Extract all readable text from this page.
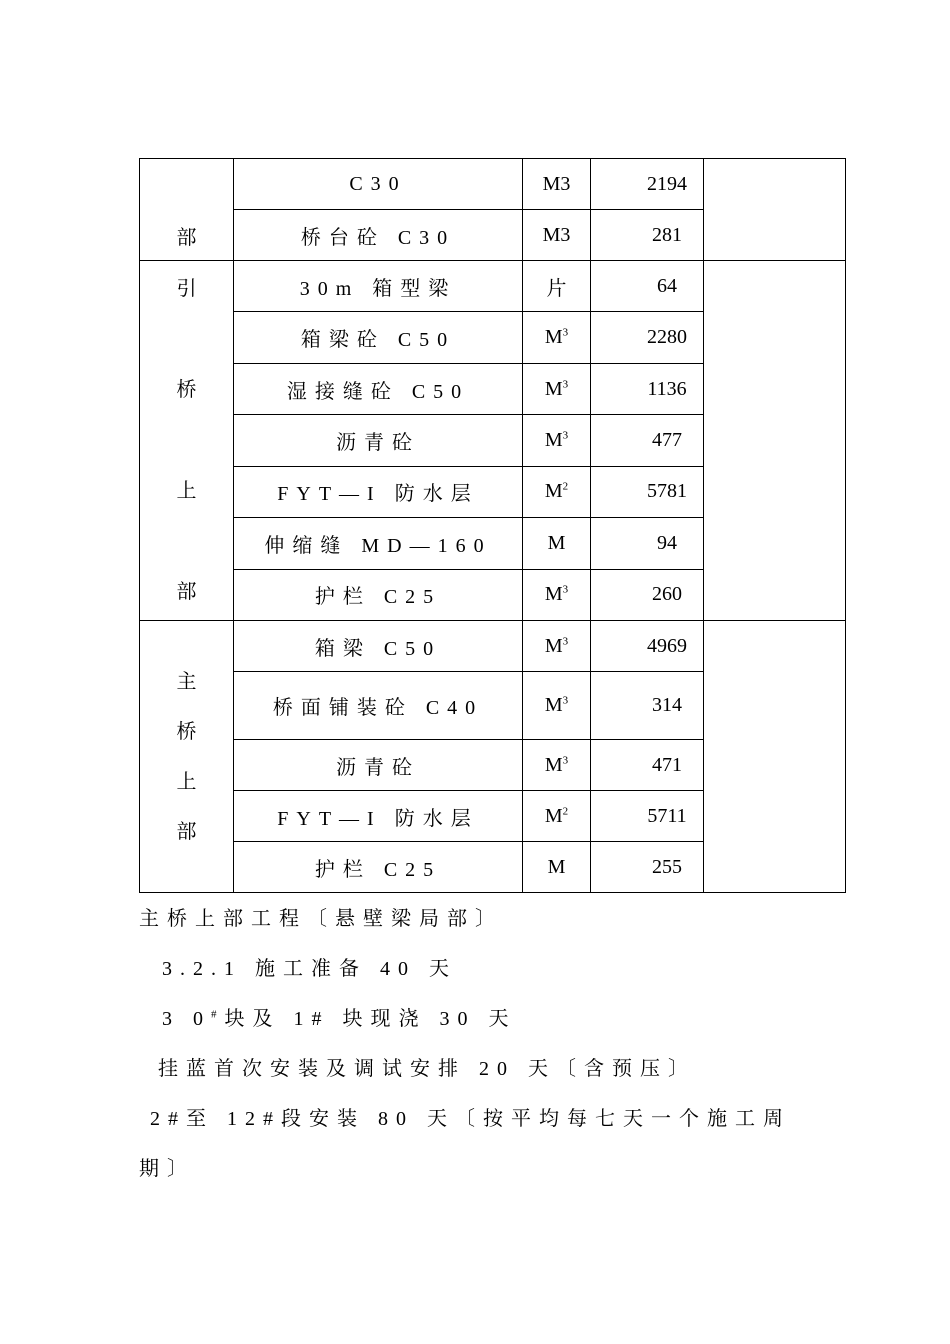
部	C30	M3	2194	
	桥台砼 C30	M3	281	

引
桥
上
部	30m 箱型梁	片	64	
	箱梁砼 C50	$M^3$	2280	
	湿接缝砼 C50	$M^3$	1136	
	沥青砼	$M^3$	477	
	FYT—I 防水层	$M^2$	5781	
	伸缩缝 MD—160	M	94	
	护栏 C25	$M^3$	260	

主
桥
上
部	箱梁 C50	$M^3$	4969	
	桥面铺装砼 C40	$M^3$	314	
	沥青砼	$M^3$	471	
	FYT—I 防水层	$M^2$	5711	
	护栏 C25	M	255	
主桥上部工程〔悬壁梁局部〕
3.2.1 施工准备 40 天
3 0#块及 1# 块现浇 30 天
挂蓝首次安装及调试安排 20 天〔含预压〕
2#至 12#段安装 80 天〔按平均每七天一个施工周
期〕
